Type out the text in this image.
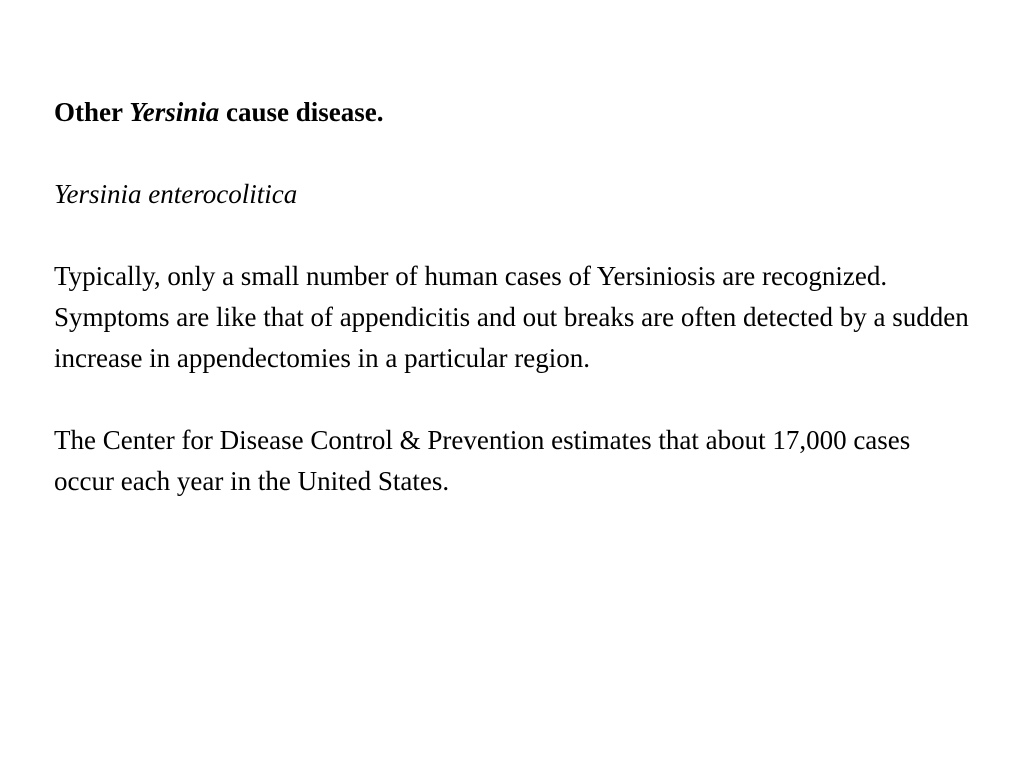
Other Yersinia cause disease.

Yersinia enterocolitica

Typically, only a small number of human cases of Yersiniosis are recognized. Symptoms are like that of appendicitis and out breaks are often detected by a sudden increase in appendectomies in a particular region.

The Center for Disease Control & Prevention estimates that about 17,000 cases occur each year in the United States.
